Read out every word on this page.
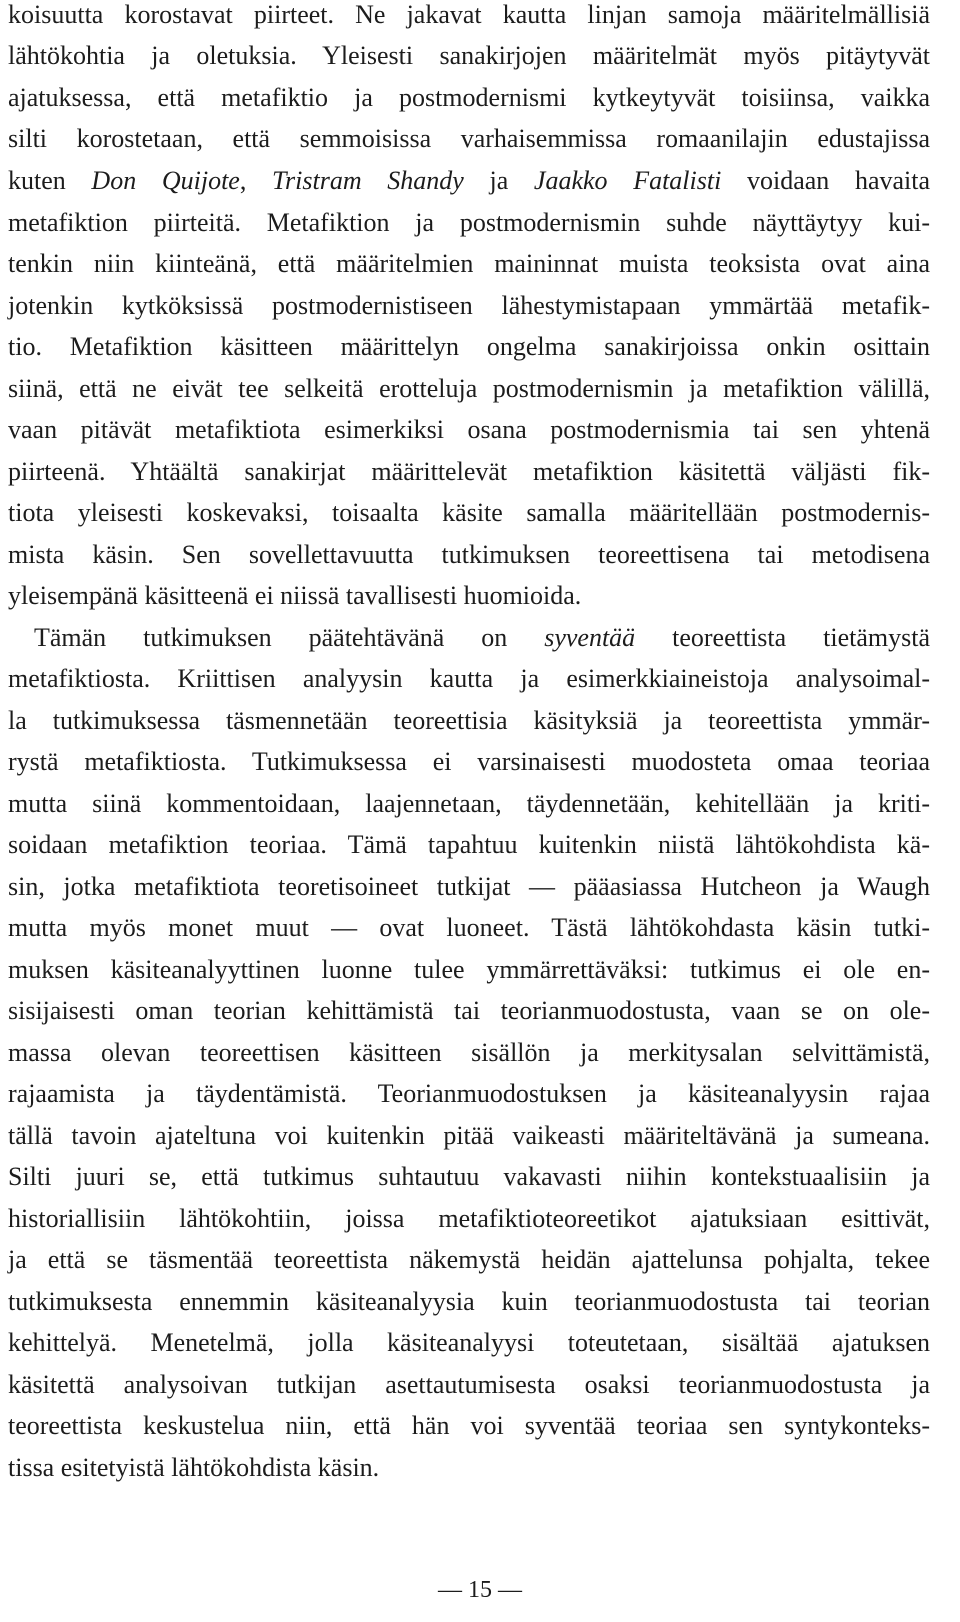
koisuutta korostavat piirteet. Ne jakavat kautta linjan samoja määritelmällisiä
lähtökohtia ja oletuksia. Yleisesti sanakirjojen määritelmät myös pitäytyvät
ajatuksessa, että metafiktio ja postmodernismi kytkeytyvät toisiinsa, vaikka
silti korostetaan, että semmoisissa varhaisemmissa romaanilajin edustajissa
kuten Don Quijote, Tristram Shandy ja Jaakko Fatalisti voidaan havaita
metafiktion piirteitä. Metafiktion ja postmodernismin suhde näyttäytyy kui-
tenkin niin kiinteänä, että määritelmien maininnat muista teoksista ovat aina
jotenkin kytköksissä postmodernistiseen lähestymistapaan ymmärtää metafik-
tio. Metafiktion käsitteen määrittelyn ongelma sanakirjoissa onkin osittain
siinä, että ne eivät tee selkeitä erotteluja postmodernismin ja metafiktion välillä,
vaan pitävät metafiktiota esimerkiksi osana postmodernismia tai sen yhtenä
piirteenä. Yhtäältä sanakirjat määrittelevät metafiktion käsitettä väljästi fik-
tiota yleisesti koskevaksi, toisaalta käsite samalla määritellään postmodernis-
mista käsin. Sen sovellettavuutta tutkimuksen teoreettisena tai metodisena
yleisempänä käsitteenä ei niissä tavallisesti huomioida.
Tämän tutkimuksen päätehtävänä on syventää teoreettista tietämystä
metafiktiosta. Kriittisen analyysin kautta ja esimerkkiaineistoja analysoimal-
la tutkimuksessa täsmennetään teoreettisia käsityksiä ja teoreettista ymmär-
rystä metafiktiosta. Tutkimuksessa ei varsinaisesti muodosteta omaa teoriaa
mutta siinä kommentoidaan, laajennetaan, täydennetään, kehitellään ja kriti-
soidaan metafiktion teoriaa. Tämä tapahtuu kuitenkin niistä lähtökohdista kä-
sin, jotka metafiktiota teoretisoineet tutkijat — pääasiassa Hutcheon ja Waugh
mutta myös monet muut — ovat luoneet. Tästä lähtökohdasta käsin tutki-
muksen käsiteanalyyttinen luonne tulee ymmärrettäväksi: tutkimus ei ole en-
sisijaisesti oman teorian kehittämistä tai teorianmuodostusta, vaan se on ole-
massa olevan teoreettisen käsitteen sisällön ja merkitysalan selvittämistä,
rajaamista ja täydentämistä. Teorianmuodostuksen ja käsiteanalyysin rajaa
tällä tavoin ajateltuna voi kuitenkin pitää vaikeasti määriteltävänä ja sumeana.
Silti juuri se, että tutkimus suhtautuu vakavasti niihin kontekstuaalisiin ja
historiallisiin lähtökohtiin, joissa metafiktioteoreetikot ajatuksiaan esittivät,
ja että se täsmentää teoreettista näkemystä heidän ajattelunsa pohjalta, tekee
tutkimuksesta ennemmin käsiteanalyysia kuin teorianmuodostusta tai teorian
kehittelyä. Menetelmä, jolla käsiteanalyysi toteutetaan, sisältää ajatuksen
käsitettä analysoivan tutkijan asettautumisesta osaksi teorianmuodostusta ja
teoreettista keskustelua niin, että hän voi syventää teoriaa sen syntykonteks-
tissa esitetyistä lähtökohdista käsin.
— 15 —
